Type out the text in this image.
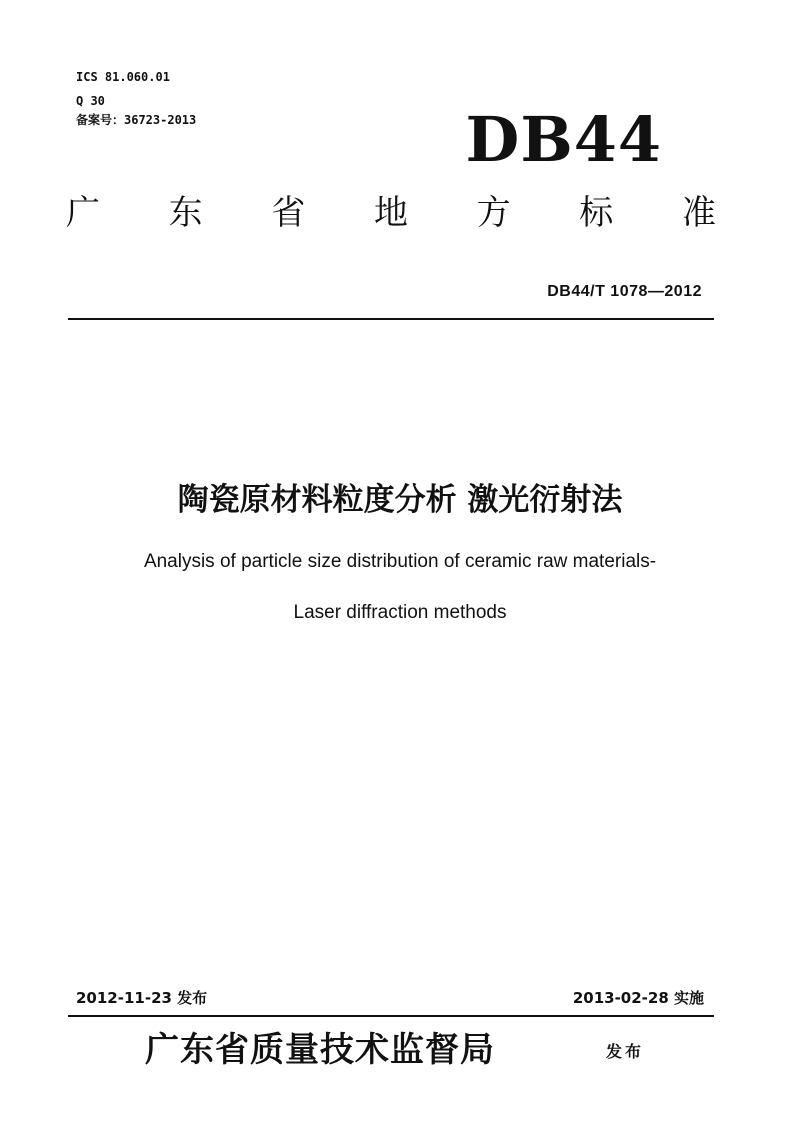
ICS 81.060.01
Q 30
备案号：36723-2013	DB44
广 东 省 地 方 标 准
DB44/T 1078—2012
陶瓷原材料粒度分析 激光衍射法
Analysis of particle size distribution of ceramic raw materials-
Laser diffraction methods
2012-11-23 发布	2013-02-28 实施
广东省质量技术监督局	发布
